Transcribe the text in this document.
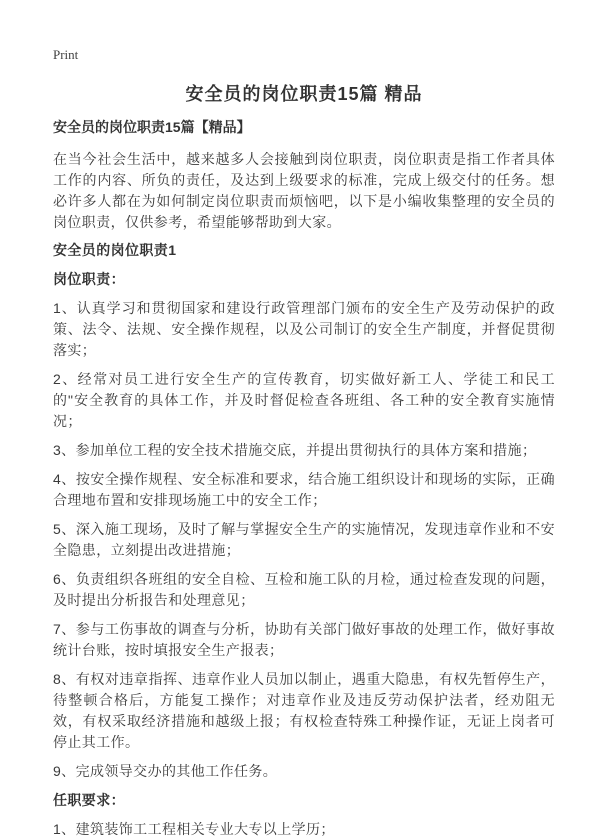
Print
安全员的岗位职责15篇 精品
安全员的岗位职责15篇【精品】

在当今社会生活中，越来越多人会接触到岗位职责，岗位职责是指工作者具体工作的内容、所负的责任，及达到上级要求的标准，完成上级交付的任务。想必许多人都在为如何制定岗位职责而烦恼吧，以下是小编收集整理的安全员的岗位职责，仅供参考，希望能够帮助到大家。

安全员的岗位职责1
岗位职责：

1、认真学习和贯彻国家和建设行政管理部门颁布的安全生产及劳动保护的政策、法令、法规、安全操作规程，以及公司制订的安全生产制度，并督促贯彻落实；

2、经常对员工进行安全生产的宣传教育，切实做好新工人、学徒工和民工的"安全教育的具体工作，并及时督促检查各班组、各工种的安全教育实施情况；

3、参加单位工程的安全技术措施交底，并提出贯彻执行的具体方案和措施；

4、按安全操作规程、安全标准和要求，结合施工组织设计和现场的实际，正确合理地布置和安排现场施工中的安全工作；

5、深入施工现场，及时了解与掌握安全生产的实施情况，发现违章作业和不安全隐患，立刻提出改进措施；

6、负责组织各班组的安全自检、互检和施工队的月检，通过检查发现的问题，及时提出分析报告和处理意见；

7、参与工伤事故的调查与分析，协助有关部门做好事故的处理工作，做好事故统计台账，按时填报安全生产报表；

8、有权对违章指挥、违章作业人员加以制止，遇重大隐患，有权先暂停生产，待整顿合格后，方能复工操作；对违章作业及违反劳动保护法者，经劝阻无效，有权采取经济措施和越级上报；有权检查特殊工种操作证，无证上岗者可停止其工作。

9、完成领导交办的其他工作任务。

任职要求：

1、建筑装饰工工程相关专业大专以上学历；
